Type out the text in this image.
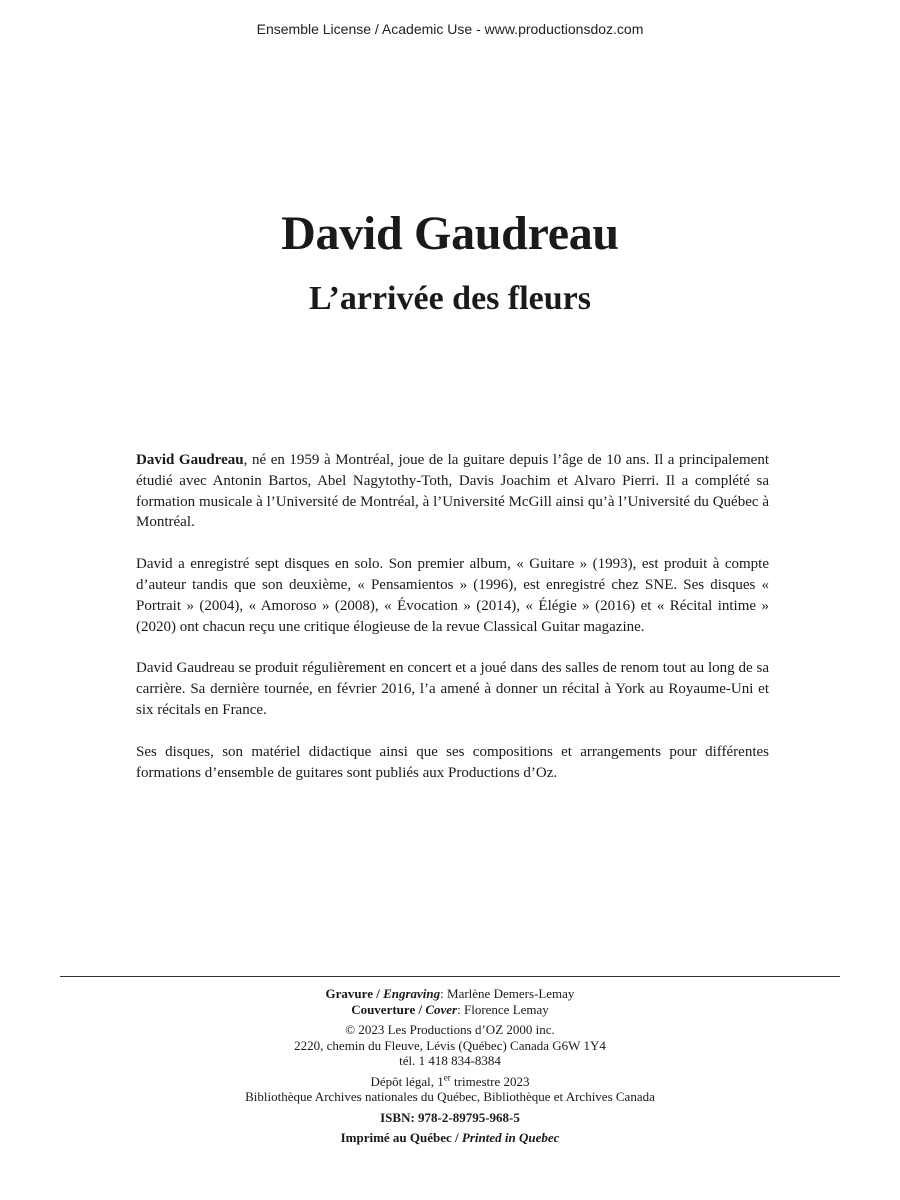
Ensemble License / Academic Use - www.productionsdoz.com
David Gaudreau
L’arrivée des fleurs

David Gaudreau, né en 1959 à Montréal, joue de la guitare depuis l’âge de 10 ans. Il a principalement étudié avec Antonin Bartos, Abel Nagytothy-Toth, Davis Joachim et Alvaro Pierri. Il a complété sa formation musicale à l’Université de Montréal, à l’Université McGill ainsi qu’à l’Université du Québec à Montréal.

David a enregistré sept disques en solo. Son premier album, « Guitare » (1993), est produit à compte d’auteur tandis que son deuxième, « Pensamientos » (1996), est enregistré chez SNE. Ses disques « Portrait » (2004), « Amoroso » (2008), « Évocation » (2014), « Élégie » (2016) et « Récital intime » (2020) ont chacun reçu une critique élogieuse de la revue Classical Guitar magazine.

David Gaudreau se produit régulièrement en concert et a joué dans des salles de renom tout au long de sa carrière. Sa dernière tournée, en février 2016, l’a amené à donner un récital à York au Royaume-Uni et six récitals en France.

Ses disques, son matériel didactique ainsi que ses compositions et arrangements pour différentes formations d’ensemble de guitares sont publiés aux Productions d’Oz.

Gravure / Engraving: Marlène Demers-Lemay
Couverture / Cover: Florence Lemay
© 2023 Les Productions d’OZ 2000 inc.
2220, chemin du Fleuve, Lévis (Québec) Canada G6W 1Y4
tél. 1 418 834-8384
Dépôt légal, 1er trimestre 2023
Bibliothèque Archives nationales du Québec, Bibliothèque et Archives Canada
ISBN: 978-2-89795-968-5
Imprimé au Québec / Printed in Quebec
